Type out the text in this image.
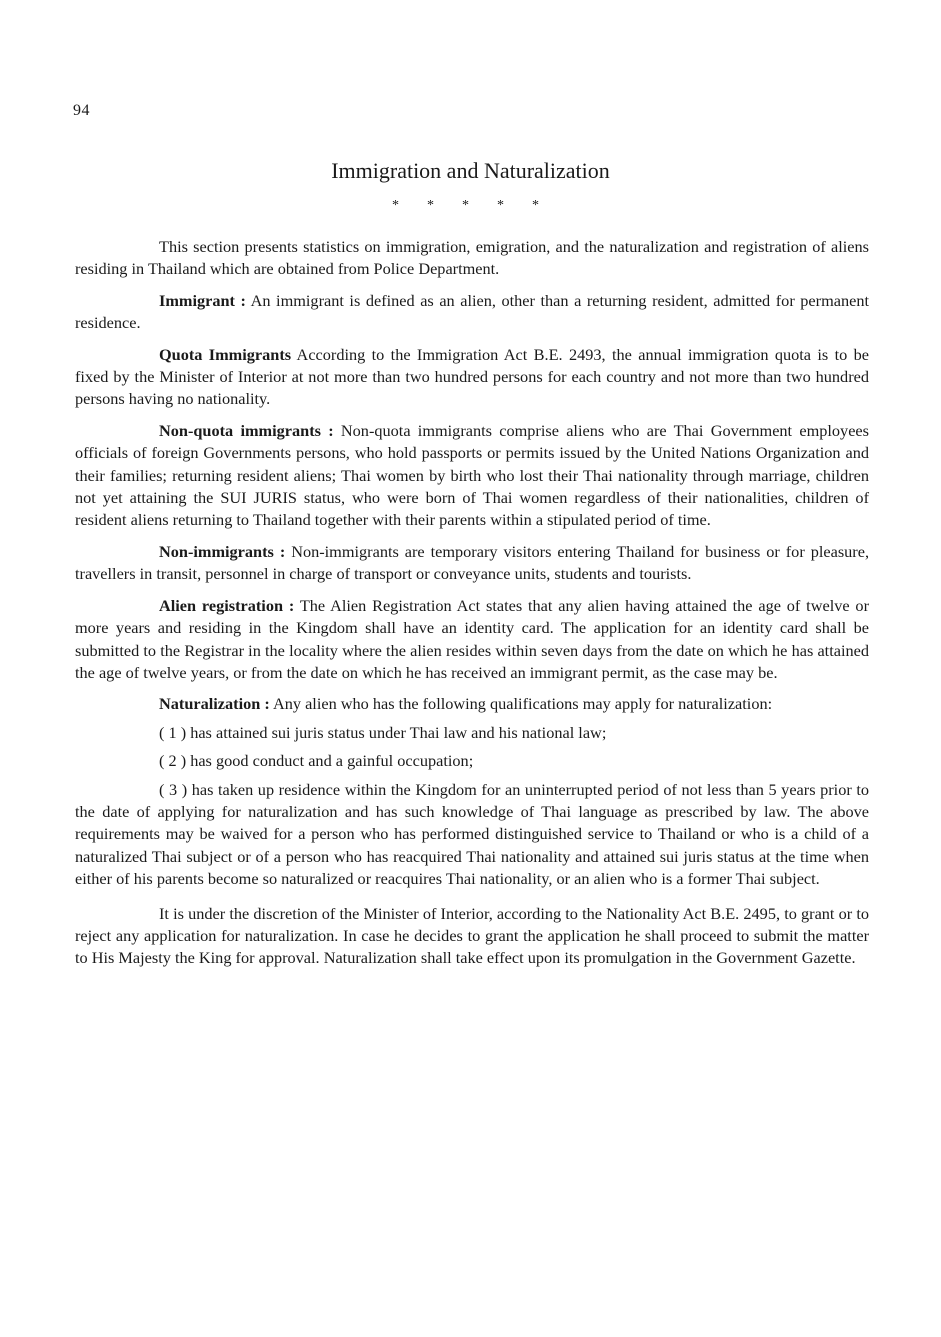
94
Immigration and Naturalization
* * * * *

This section presents statistics on immigration, emigration, and the naturalization and registration of aliens residing in Thailand which are obtained from Police Department.

Immigrant : An immigrant is defined as an alien, other than a returning resident, admitted for permanent residence.

Quota Immigrants According to the Immigration Act B.E. 2493, the annual immigration quota is to be fixed by the Minister of Interior at not more than two hundred persons for each country and not more than two hundred persons having no nationality.

Non-quota immigrants : Non-quota immigrants comprise aliens who are Thai Government employees officials of foreign Governments persons, who hold passports or permits issued by the United Nations Organization and their families; returning resident aliens; Thai women by birth who lost their Thai nationality through marriage, children not yet attaining the SUI JURIS status, who were born of Thai women regardless of their nationalities, children of resident aliens returning to Thailand together with their parents within a stipulated period of time.

Non-immigrants : Non-immigrants are temporary visitors entering Thailand for business or for pleasure, travellers in transit, personnel in charge of transport or conveyance units, students and tourists.

Alien registration : The Alien Registration Act states that any alien having attained the age of twelve or more years and residing in the Kingdom shall have an identity card. The application for an identity card shall be submitted to the Registrar in the locality where the alien resides within seven days from the date on which he has attained the age of twelve years, or from the date on which he has received an immigrant permit, as the case may be.

Naturalization : Any alien who has the following qualifications may apply for naturalization:

( 1 ) has attained sui juris status under Thai law and his national law;

( 2 ) has good conduct and a gainful occupation;

( 3 ) has taken up residence within the Kingdom for an uninterrupted period of not less than 5 years prior to the date of applying for naturalization and has such knowledge of Thai language as prescribed by law. The above requirements may be waived for a person who has performed distinguished service to Thailand or who is a child of a naturalized Thai subject or of a person who has reacquired Thai nationality and attained sui juris status at the time when either of his parents become so naturalized or reacquires Thai nationality, or an alien who is a former Thai subject.

It is under the discretion of the Minister of Interior, according to the Nationality Act B.E. 2495, to grant or to reject any application for naturalization. In case he decides to grant the application he shall proceed to submit the matter to His Majesty the King for approval. Naturalization shall take effect upon its promulgation in the Government Gazette.
